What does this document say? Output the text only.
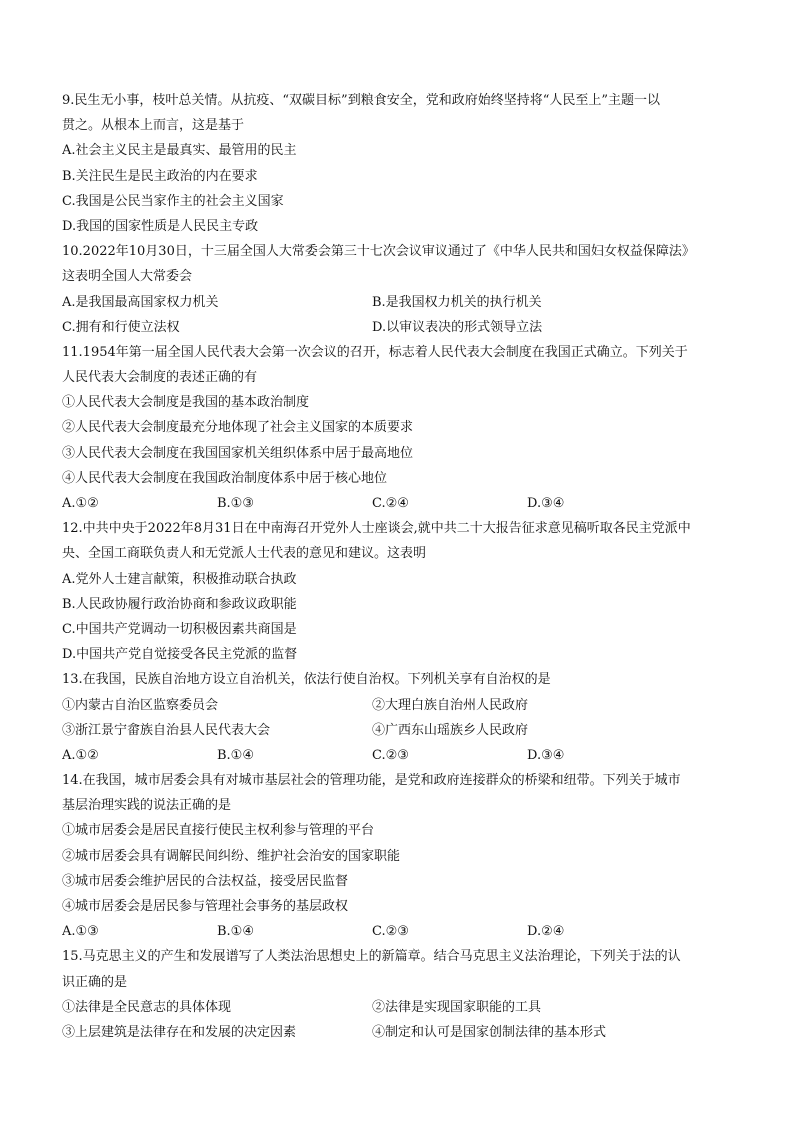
9.民生无小事，枝叶总关情。从抗疫、“双碳目标”到粮食安全，党和政府始终坚持将“人民至上”主题一以
贯之。从根本上而言，这是基于
A.社会主义民主是最真实、最管用的民主
B.关注民生是民主政治的内在要求
C.我国是公民当家作主的社会主义国家
D.我国的国家性质是人民民主专政
10.2022年10月30日，十三届全国人大常委会第三十七次会议审议通过了《中华人民共和国妇女权益保障法》
这表明全国人大常委会
A.是我国最高国家权力机关	B.是我国权力机关的执行机关
C.拥有和行使立法权	D.以审议表决的形式领导立法
11.1954年第一届全国人民代表大会第一次会议的召开，标志着人民代表大会制度在我国正式确立。下列关于
人民代表大会制度的表述正确的有
①人民代表大会制度是我国的基本政治制度
②人民代表大会制度最充分地体现了社会主义国家的本质要求
③人民代表大会制度在我国国家机关组织体系中居于最高地位
④人民代表大会制度在我国政治制度体系中居于核心地位
A.①②	B.①③	C.②④	D.③④
12.中共中央于2022年8月31日在中南海召开党外人士座谈会,就中共二十大报告征求意见稿听取各民主党派中
央、全国工商联负责人和无党派人士代表的意见和建议。这表明
A.党外人士建言献策，积极推动联合执政
B.人民政协履行政治协商和参政议政职能
C.中国共产党调动一切积极因素共商国是
D.中国共产党自觉接受各民主党派的监督
13.在我国，民族自治地方设立自治机关，依法行使自治权。下列机关享有自治权的是
①内蒙古自治区监察委员会	②大理白族自治州人民政府
③浙江景宁畲族自治县人民代表大会	④广西东山瑶族乡人民政府
A.①②	B.①④	C.②③	D.③④
14.在我国，城市居委会具有对城市基层社会的管理功能，是党和政府连接群众的桥梁和纽带。下列关于城市
基层治理实践的说法正确的是
①城市居委会是居民直接行使民主权利参与管理的平台
②城市居委会具有调解民间纠纷、维护社会治安的国家职能
③城市居委会维护居民的合法权益，接受居民监督
④城市居委会是居民参与管理社会事务的基层政权
A.①③	B.①④	C.②③	D.②④
15.马克思主义的产生和发展谱写了人类法治思想史上的新篇章。结合马克思主义法治理论，下列关于法的认
识正确的是
①法律是全民意志的具体体现	②法律是实现国家职能的工具
③上层建筑是法律存在和发展的决定因素	④制定和认可是国家创制法律的基本形式
